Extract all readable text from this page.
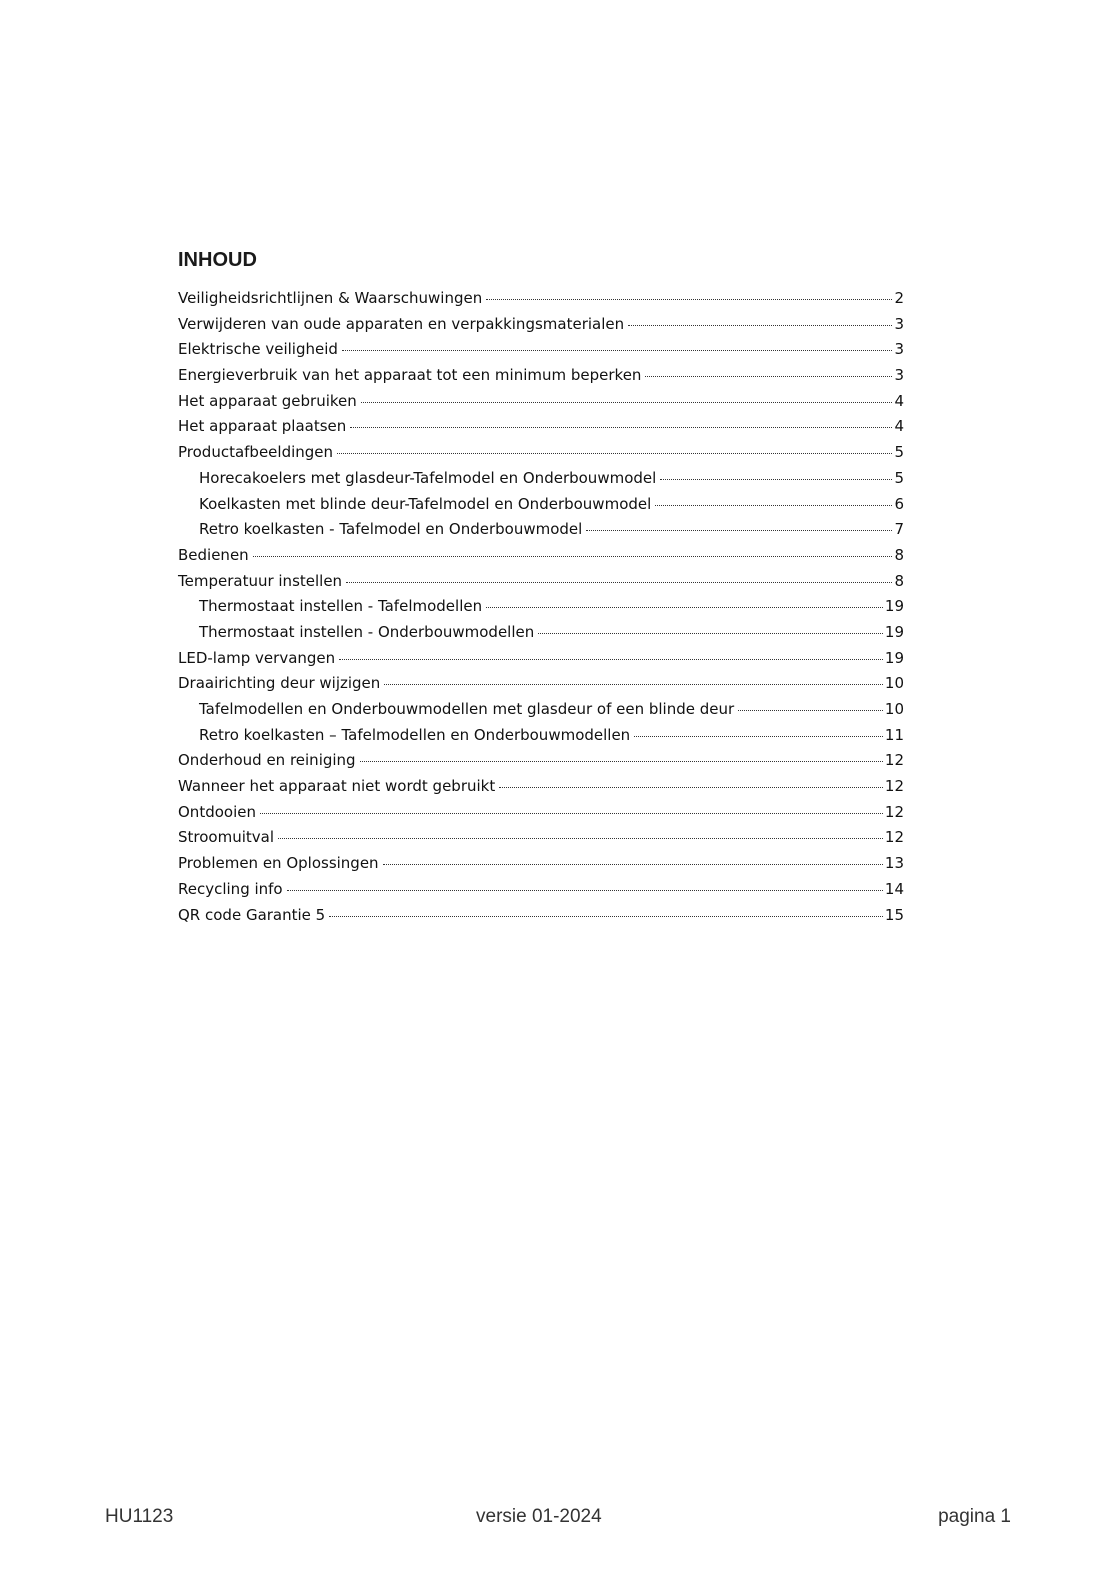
INHOUD
Veiligheidsrichtlijnen & Waarschuwingen	2
Verwijderen van oude apparaten en verpakkingsmaterialen	3
Elektrische veiligheid	3
Energieverbruik van het apparaat tot een minimum beperken	3
Het apparaat gebruiken	4
Het apparaat plaatsen	4
Productafbeeldingen	5
Horecakoelers met glasdeur-Tafelmodel en Onderbouwmodel	5
Koelkasten met blinde deur-Tafelmodel en Onderbouwmodel	6
Retro koelkasten - Tafelmodel en Onderbouwmodel	7
Bedienen	8
Temperatuur instellen	8
Thermostaat instellen - Tafelmodellen	19
Thermostaat instellen - Onderbouwmodellen	19
LED-lamp vervangen	19
Draairichting deur wijzigen	10
Tafelmodellen en Onderbouwmodellen met glasdeur of een blinde deur	10
Retro koelkasten – Tafelmodellen en Onderbouwmodellen	11
Onderhoud en reiniging	12
Wanneer het apparaat niet wordt gebruikt	12
Ontdooien	12
Stroomuitval	12
Problemen en Oplossingen	13
Recycling info	14
QR code Garantie 5	15
HU1123	versie 01-2024	pagina 1
